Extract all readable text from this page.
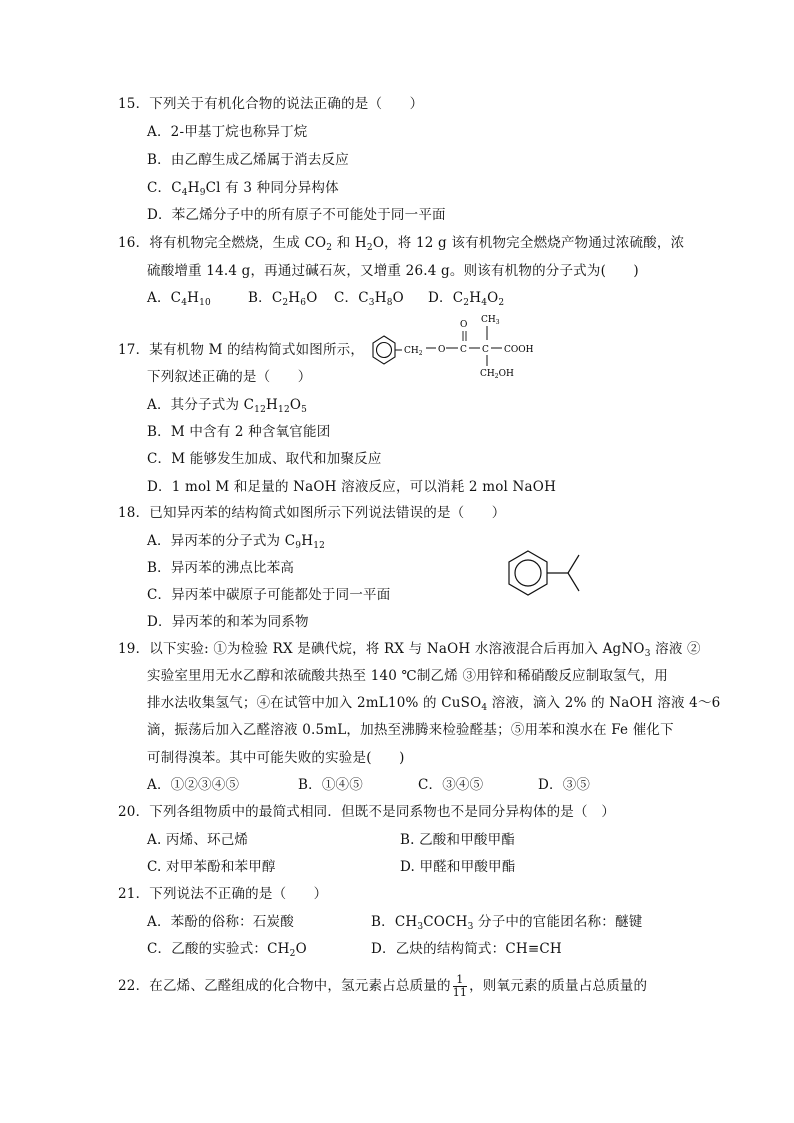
15．下列关于有机化合物的说法正确的是（　　）
A．2-甲基丁烷也称异丁烷
B．由乙醇生成乙烯属于消去反应
C．$C_4H_9Cl$ 有 3 种同分异构体
D．苯乙烯分子中的所有原子不可能处于同一平面
16．将有机物完全燃烧，生成 $CO_2$ 和 $H_2O$，将 12 g 该有机物完全燃烧产物通过浓硫酸，浓
硫酸增重 14.4 g，再通过碱石灰，又增重 26.4 g。则该有机物的分子式为(　　)
A．$C_4H_{10}$	B．$C_2H_6O$ C．$C_3H_8O$ D．$C_2H_4O_2$
17．某有机物 M 的结构简式如图所示，	$CH_2$ O C
O
C
$CH_3$
COOH
$CH_2OH$
下列叙述正确的是（　　）
A．其分子式为 $C_{12}H_{12}O_5$
B．M 中含有 2 种含氧官能团
C．M 能够发生加成、取代和加聚反应
D．1 mol M 和足量的 NaOH 溶液反应，可以消耗 2 mol NaOH
18．已知异丙苯的结构简式如图所示下列说法错误的是（　　）
A．异丙苯的分子式为 $C_9H_{12}$
B．异丙苯的沸点比苯高
C．异丙苯中碳原子可能都处于同一平面
D．异丙苯的和苯为同系物
19．以下实验: ①为检验 RX 是碘代烷，将 RX 与 NaOH 水溶液混合后再加入 AgNO$_3$ 溶液 ②
实验室里用无水乙醇和浓硫酸共热至 140 ℃制乙烯 ③用锌和稀硝酸反应制取氢气，用
排水法收集氢气；④在试管中加入 2mL10% 的 CuSO$_4$ 溶液，滴入 2% 的 NaOH 溶液 4～6
滴，振荡后加入乙醛溶液 0.5mL，加热至沸腾来检验醛基；⑤用苯和溴水在 Fe 催化下
可制得溴苯。其中可能失败的实验是(　　)
A．①②③④⑤	B．①④⑤	C．③④⑤	D．③⑤
20．下列各组物质中的最简式相同．但既不是同系物也不是同分异构体的是（　）
A. 丙烯、环己烯	B. 乙酸和甲酸甲酯
C. 对甲苯酚和苯甲醇	D. 甲醛和甲酸甲酯
21．下列说法不正确的是（　　）
A．苯酚的俗称：石炭酸	B．$CH_3COCH_3$ 分子中的官能团名称：醚键
C．乙酸的实验式：$CH_2O$	D．乙炔的结构简式：CH≡CH
22．在乙烯、乙醛组成的化合物中，氢元素占总质量的 $\frac{1}{11}$ ，则氧元素的质量占总质量的
